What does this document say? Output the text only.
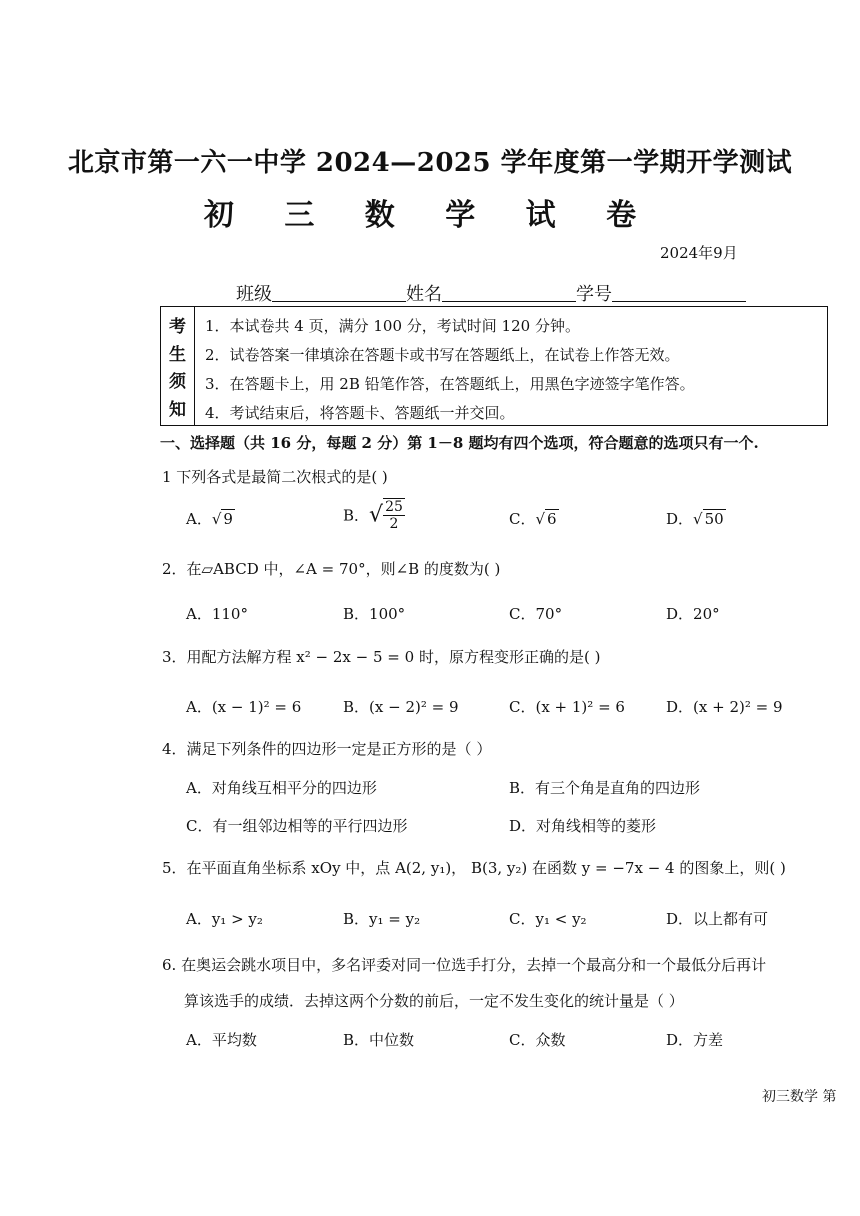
北京市第一六一中学 2024—2025 学年度第一学期开学测试
初 三 数 学 试 卷
2024年9月
班级	姓名	学号
考
生
须
知
1．本试卷共 4 页，满分 100 分，考试时间 120 分钟。
2．试卷答案一律填涂在答题卡或书写在答题纸上，在试卷上作答无效。
3．在答题卡上，用 2B 铅笔作答，在答题纸上，用黑色字迹签字笔作答。
4．考试结束后，将答题卡、答题纸一并交回。
一、选择题（共 16 分，每题 2 分）第 1－8 题均有四个选项，符合题意的选项只有一个.
1 下列各式是最简二次根式的是( )
A．√ 9	B．√ $\frac{25}{2}$	C．√ 6	D．√ 50
2．在▱ABCD 中，∠A = 70°，则∠B 的度数为( )
A．110°	B．100°	C．70°	D．20°
3．用配方法解方程 x² − 2x − 5 = 0 时，原方程变形正确的是( )
A．(x − 1)² = 6	B．(x − 2)² = 9	C．(x + 1)² = 6	D．(x + 2)² = 9
4．满足下列条件的四边形一定是正方形的是（ ）
A．对角线互相平分的四边形	B．有三个角是直角的四边形
C．有一组邻边相等的平行四边形	D．对角线相等的菱形
5．在平面直角坐标系 xOy 中，点 A(2, y₁)， B(3, y₂) 在函数 y = −7x − 4 的图象上，则( )
A．y₁ > y₂	B．y₁ = y₂	C．y₁ < y₂	D．以上都有可
6. 在奥运会跳水项目中，多名评委对同一位选手打分，去掉一个最高分和一个最低分后再计
算该选手的成绩．去掉这两个分数的前后，一定不发生变化的统计量是（ ）
A．平均数	B．中位数	C．众数	D．方差
初三数学 第
